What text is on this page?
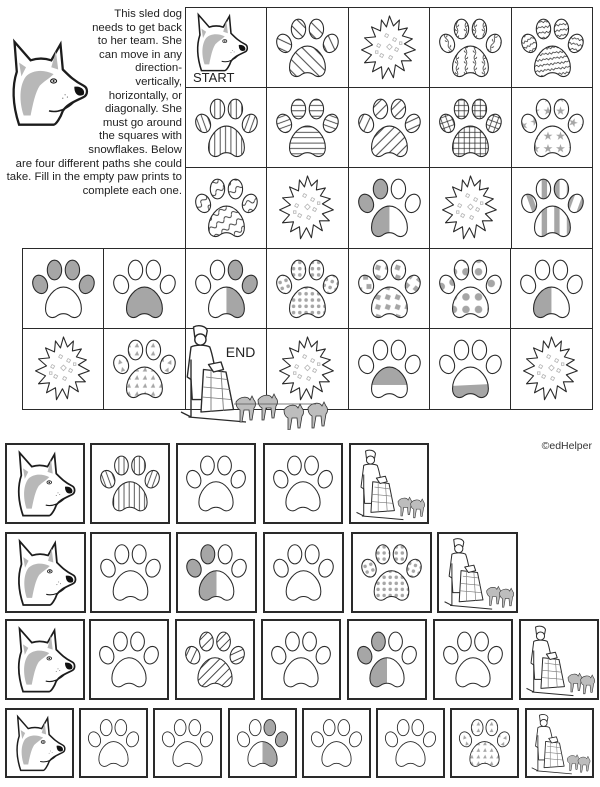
This sled dog needs to get back to her team. She can move in any direction- vertically, horizontally, or diagonally. She must go around the squares with snowflakes. Below are four different paths she could take. Fill in the empty paw prints to complete each one.
START
END
©edHelper
